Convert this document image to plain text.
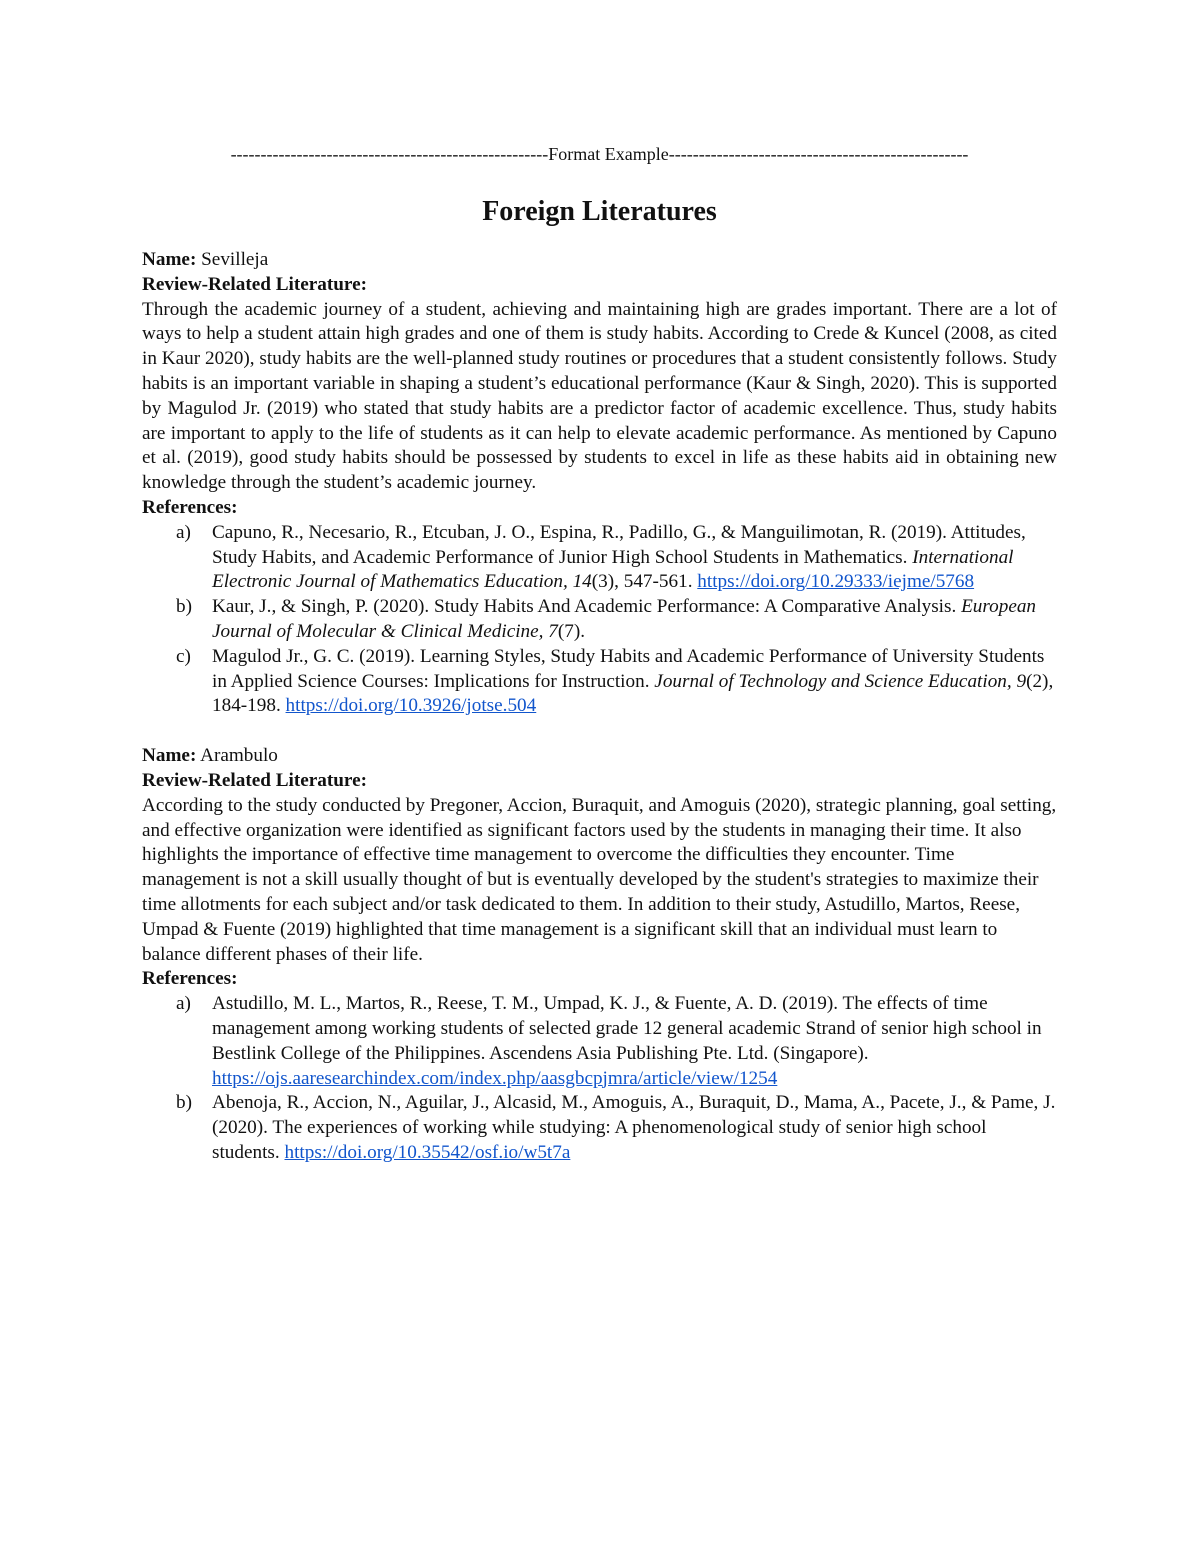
-----------------------------------------------------Format Example--------------------------------------------------
Foreign Literatures

Name: Sevilleja

Review-Related Literature:

Through the academic journey of a student, achieving and maintaining high are grades important. There are a lot of ways to help a student attain high grades and one of them is study habits. According to Crede & Kuncel (2008, as cited in Kaur 2020), study habits are the well-planned study routines or procedures that a student consistently follows. Study habits is an important variable in shaping a student’s educational performance (Kaur & Singh, 2020). This is supported by Magulod Jr. (2019) who stated that study habits are a predictor factor of academic excellence. Thus, study habits are important to apply to the life of students as it can help to elevate academic performance. As mentioned by Capuno et al. (2019), good study habits should be possessed by students to excel in life as these habits aid in obtaining new knowledge through the student’s academic journey.

References:

a) Capuno, R., Necesario, R., Etcuban, J. O., Espina, R., Padillo, G., & Manguilimotan, R. (2019). Attitudes, Study Habits, and Academic Performance of Junior High School Students in Mathematics. International Electronic Journal of Mathematics Education, 14(3), 547-561. https://doi.org/10.29333/iejme/5768
b) Kaur, J., & Singh, P. (2020). Study Habits And Academic Performance: A Comparative Analysis. European Journal of Molecular & Clinical Medicine, 7(7).
c) Magulod Jr., G. C. (2019). Learning Styles, Study Habits and Academic Performance of University Students in Applied Science Courses: Implications for Instruction. Journal of Technology and Science Education, 9(2), 184-198. https://doi.org/10.3926/jotse.504

Name: Arambulo

Review-Related Literature:

According to the study conducted by Pregoner, Accion, Buraquit, and Amoguis (2020), strategic planning, goal setting, and effective organization were identified as significant factors used by the students in managing their time. It also highlights the importance of effective time management to overcome the difficulties they encounter. Time management is not a skill usually thought of but is eventually developed by the student's strategies to maximize their time allotments for each subject and/or task dedicated to them. In addition to their study, Astudillo, Martos, Reese, Umpad & Fuente (2019) highlighted that time management is a significant skill that an individual must learn to balance different phases of their life.

References:

a) Astudillo, M. L., Martos, R., Reese, T. M., Umpad, K. J., & Fuente, A. D. (2019). The effects of time management among working students of selected grade 12 general academic Strand of senior high school in Bestlink College of the Philippines. Ascendens Asia Publishing Pte. Ltd. (Singapore). https://ojs.aaresearchindex.com/index.php/aasgbcpjmra/article/view/1254
b) Abenoja, R., Accion, N., Aguilar, J., Alcasid, M., Amoguis, A., Buraquit, D., Mama, A., Pacete, J., & Pame, J. (2020). The experiences of working while studying: A phenomenological study of senior high school students. https://doi.org/10.35542/osf.io/w5t7a
